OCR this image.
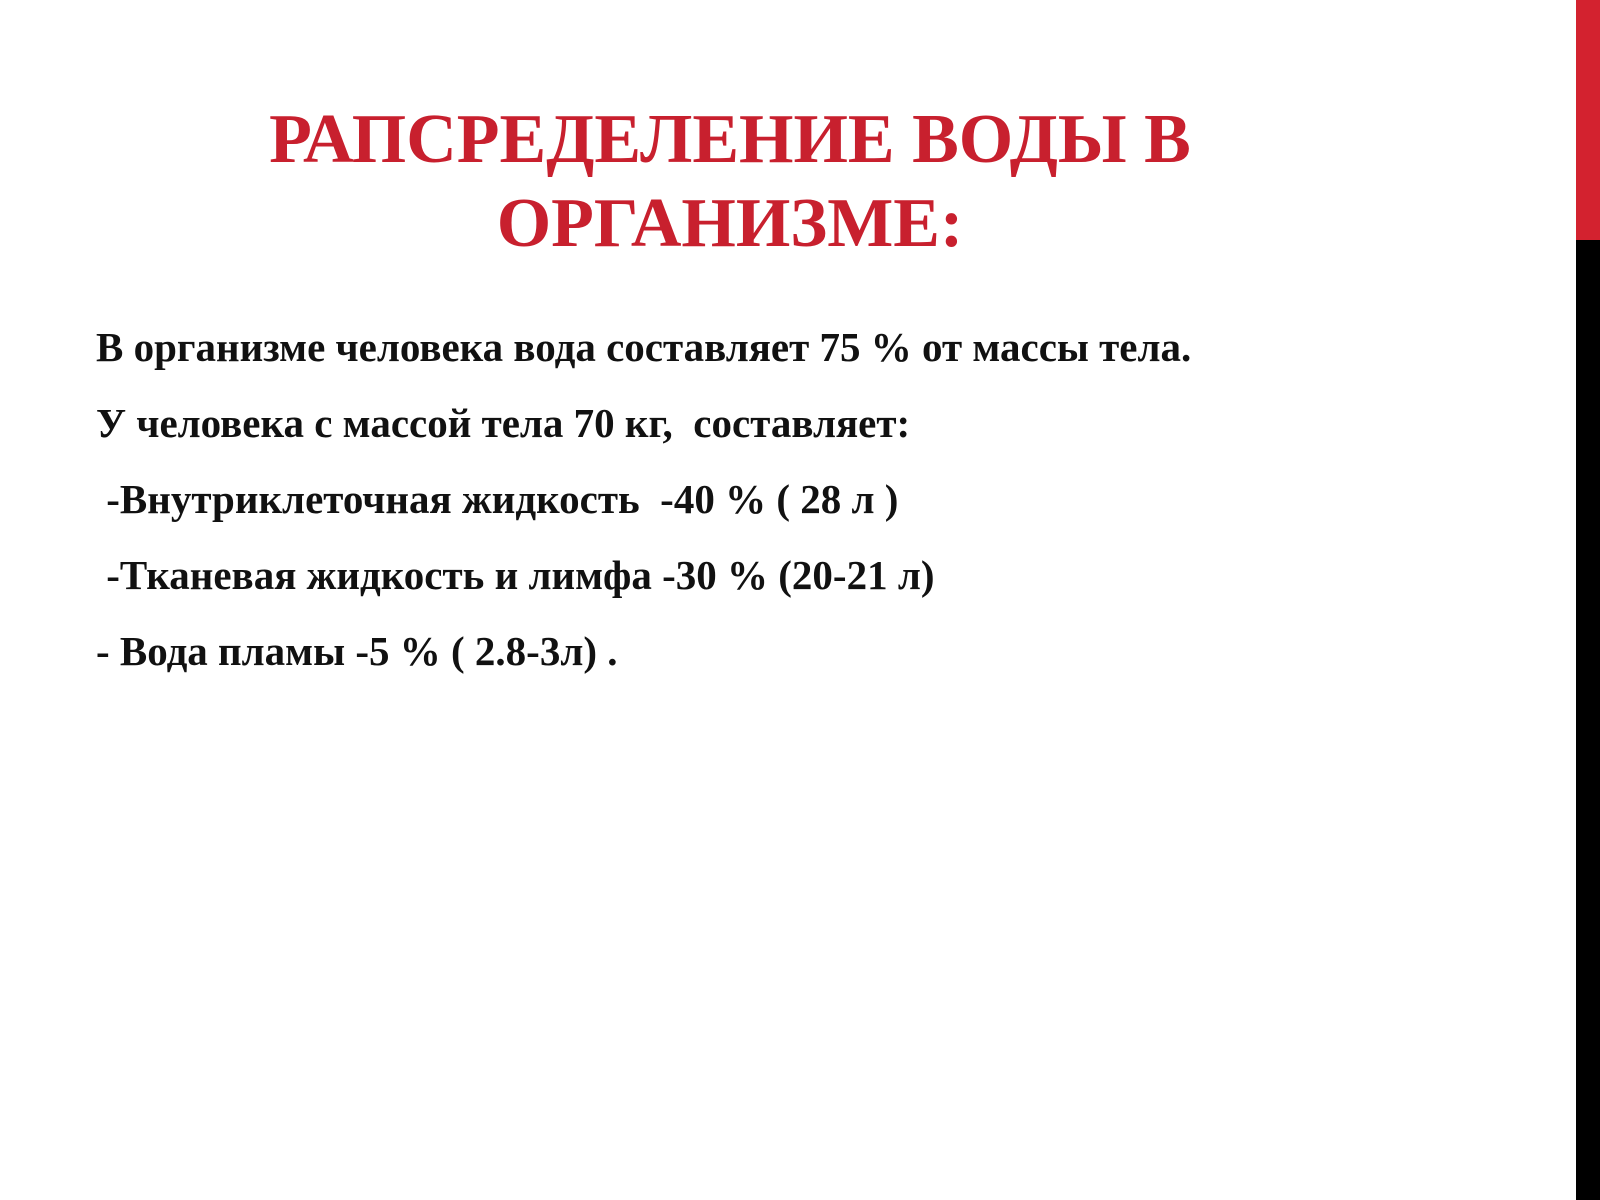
РАПСРЕДЕЛЕНИЕ ВОДЫ В
ОРГАНИЗМЕ:
В организме человека вода составляет 75 % от массы тела.
У человека с массой тела 70 кг,  составляет:
-Внутриклеточная жидкость  -40 % ( 28 л )
-Тканевая жидкость и лимфа -30 % (20-21 л)
- Вода пламы -5 % ( 2.8-3л) .
